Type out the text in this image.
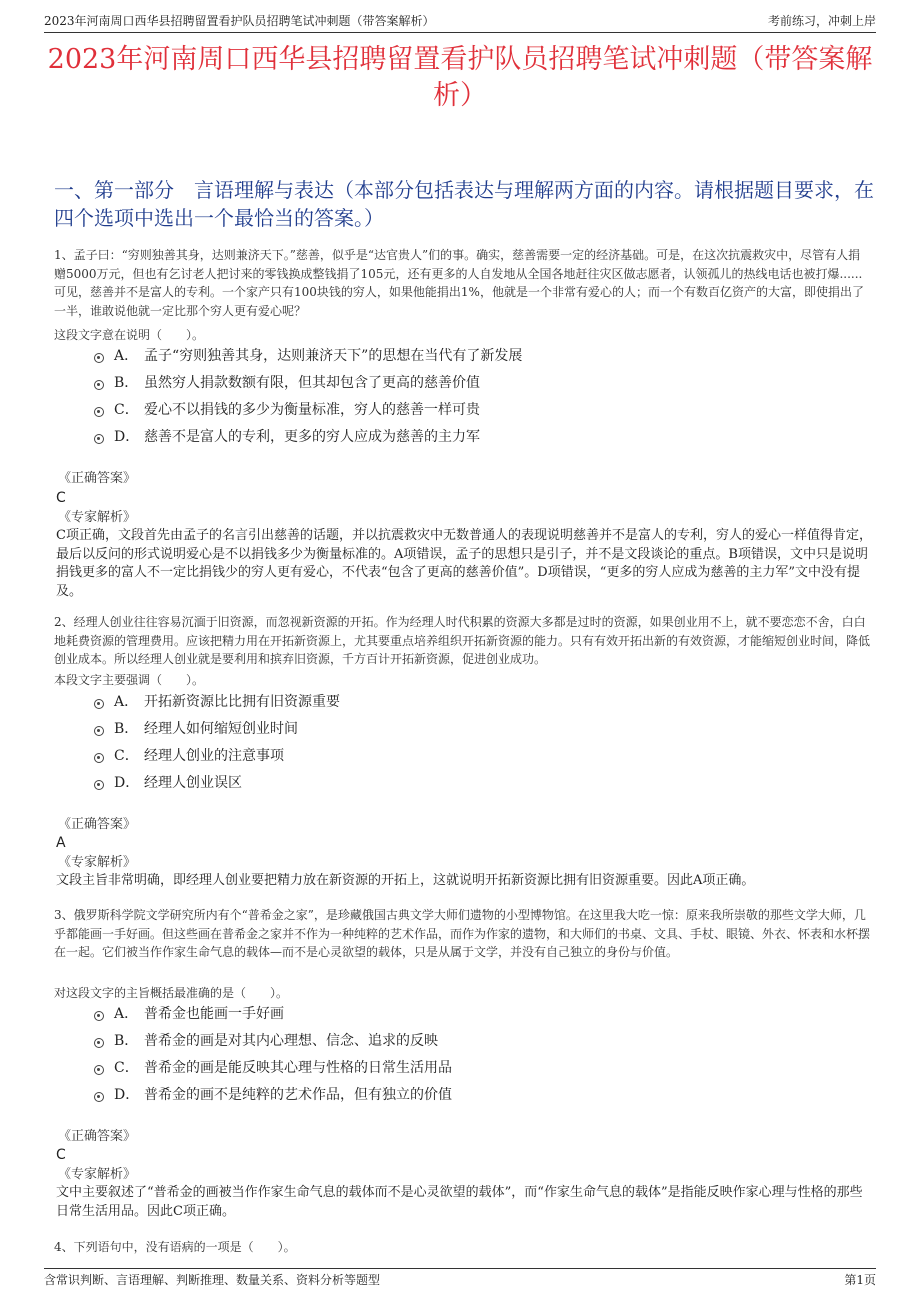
2023年河南周口西华县招聘留置看护队员招聘笔试冲刺题（带答案解析）	考前练习，冲刺上岸
2023年河南周口西华县招聘留置看护队员招聘笔试冲刺题（带答案解析）
一、第一部分　言语理解与表达（本部分包括表达与理解两方面的内容。请根据题目要求，在四个选项中选出一个最恰当的答案。）
1、孟子曰：“穷则独善其身，达则兼济天下。”慈善，似乎是“达官贵人”们的事。确实，慈善需要一定的经济基础。可是，在这次抗震救灾中，尽管有人捐赠5000万元，但也有乞讨老人把讨来的零钱换成整钱捐了105元，还有更多的人自发地从全国各地赶往灾区做志愿者，认领孤儿的热线电话也被打爆......可见，慈善并不是富人的专利。一个家产只有100块钱的穷人，如果他能捐出1%，他就是一个非常有爱心的人；而一个有数百亿资产的大富，即使捐出了一半，谁敢说他就一定比那个穷人更有爱心呢？
这段文字意在说明（　　）。
A． 孟子“穷则独善其身，达则兼济天下”的思想在当代有了新发展
B． 虽然穷人捐款数额有限，但其却包含了更高的慈善价值
C． 爱心不以捐钱的多少为衡量标准，穷人的慈善一样可贵
D． 慈善不是富人的专利，更多的穷人应成为慈善的主力军
《正确答案》
C
《专家解析》
C项正确，文段首先由孟子的名言引出慈善的话题，并以抗震救灾中无数普通人的表现说明慈善并不是富人的专利，穷人的爱心一样值得肯定，最后以反问的形式说明爱心是不以捐钱多少为衡量标准的。A项错误，孟子的思想只是引子，并不是文段谈论的重点。B项错误，文中只是说明捐钱更多的富人不一定比捐钱少的穷人更有爱心，不代表“包含了更高的慈善价值”。D项错误，“更多的穷人应成为慈善的主力军”文中没有提及。
2、经理人创业往往容易沉湎于旧资源，而忽视新资源的开拓。作为经理人时代积累的资源大多都是过时的资源，如果创业用不上，就不要恋恋不舍，白白地耗费资源的管理费用。应该把精力用在开拓新资源上，尤其要重点培养组织开拓新资源的能力。只有有效开拓出新的有效资源，才能缩短创业时间，降低创业成本。所以经理人创业就是要利用和摈弃旧资源，千方百计开拓新资源，促进创业成功。
本段文字主要强调（　　）。
A． 开拓新资源比比拥有旧资源重要
B． 经理人如何缩短创业时间
C． 经理人创业的注意事项
D． 经理人创业误区
《正确答案》
A
《专家解析》
文段主旨非常明确，即经理人创业要把精力放在新资源的开拓上，这就说明开拓新资源比拥有旧资源重要。因此A项正确。
3、俄罗斯科学院文学研究所内有个“普希金之家”，是珍藏俄国古典文学大师们遗物的小型博物馆。在这里我大吃一惊：原来我所崇敬的那些文学大师，几乎都能画一手好画。但这些画在普希金之家并不作为一种纯粹的艺术作品，而作为作家的遗物，和大师们的书桌、文具、手杖、眼镜、外衣、怀表和水杯摆在一起。它们被当作作家生命气息的载体—而不是心灵欲望的载体，只是从属于文学，并没有自己独立的身份与价值。
对这段文字的主旨概括最准确的是（　　）。
A． 普希金也能画一手好画
B． 普希金的画是对其内心理想、信念、追求的反映
C． 普希金的画是能反映其心理与性格的日常生活用品
D． 普希金的画不是纯粹的艺术作品，但有独立的价值
《正确答案》
C
《专家解析》
文中主要叙述了“普希金的画被当作作家生命气息的载体而不是心灵欲望的载体”，而“作家生命气息的载体”是指能反映作家心理与性格的那些日常生活用品。因此C项正确。
4、下列语句中，没有语病的一项是（　　）。
含常识判断、言语理解、判断推理、数量关系、资料分析等题型	第1页
